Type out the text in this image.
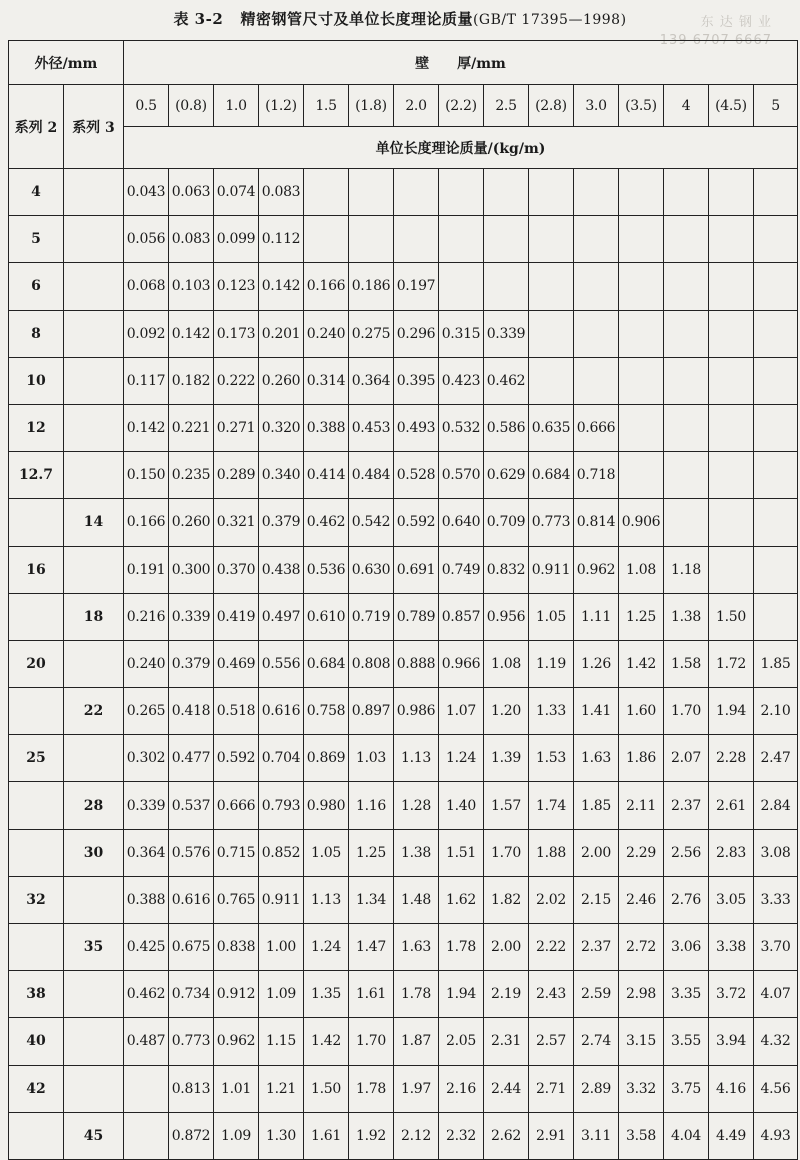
表 3-2 精密钢管尺寸及单位长度理论质量(GB/T 17395—1998)	东 达 钢 业
139 6707 6667
外径/mm		壁　　厚/mm														
系列 2	系列 3	0.5	(0.8)	1.0	(1.2)	1.5	(1.8)	2.0	(2.2)	2.5	(2.8)	3.0	(3.5)	4	(4.5)	5
		单位长度理论质量/(kg/m)														
4		0.043	0.063	0.074	0.083											
5		0.056	0.083	0.099	0.112											
6		0.068	0.103	0.123	0.142	0.166	0.186	0.197								
8		0.092	0.142	0.173	0.201	0.240	0.275	0.296	0.315	0.339						
10		0.117	0.182	0.222	0.260	0.314	0.364	0.395	0.423	0.462						
12		0.142	0.221	0.271	0.320	0.388	0.453	0.493	0.532	0.586	0.635	0.666				
12.7		0.150	0.235	0.289	0.340	0.414	0.484	0.528	0.570	0.629	0.684	0.718				
	14	0.166	0.260	0.321	0.379	0.462	0.542	0.592	0.640	0.709	0.773	0.814	0.906			
16		0.191	0.300	0.370	0.438	0.536	0.630	0.691	0.749	0.832	0.911	0.962	1.08	1.18		
	18	0.216	0.339	0.419	0.497	0.610	0.719	0.789	0.857	0.956	1.05	1.11	1.25	1.38	1.50	
20		0.240	0.379	0.469	0.556	0.684	0.808	0.888	0.966	1.08	1.19	1.26	1.42	1.58	1.72	1.85
	22	0.265	0.418	0.518	0.616	0.758	0.897	0.986	1.07	1.20	1.33	1.41	1.60	1.70	1.94	2.10
25		0.302	0.477	0.592	0.704	0.869	1.03	1.13	1.24	1.39	1.53	1.63	1.86	2.07	2.28	2.47
	28	0.339	0.537	0.666	0.793	0.980	1.16	1.28	1.40	1.57	1.74	1.85	2.11	2.37	2.61	2.84
	30	0.364	0.576	0.715	0.852	1.05	1.25	1.38	1.51	1.70	1.88	2.00	2.29	2.56	2.83	3.08
32		0.388	0.616	0.765	0.911	1.13	1.34	1.48	1.62	1.82	2.02	2.15	2.46	2.76	3.05	3.33
	35	0.425	0.675	0.838	1.00	1.24	1.47	1.63	1.78	2.00	2.22	2.37	2.72	3.06	3.38	3.70
38		0.462	0.734	0.912	1.09	1.35	1.61	1.78	1.94	2.19	2.43	2.59	2.98	3.35	3.72	4.07
40		0.487	0.773	0.962	1.15	1.42	1.70	1.87	2.05	2.31	2.57	2.74	3.15	3.55	3.94	4.32
42			0.813	1.01	1.21	1.50	1.78	1.97	2.16	2.44	2.71	2.89	3.32	3.75	4.16	4.56
	45		0.872	1.09	1.30	1.61	1.92	2.12	2.32	2.62	2.91	3.11	3.58	4.04	4.49	4.93
